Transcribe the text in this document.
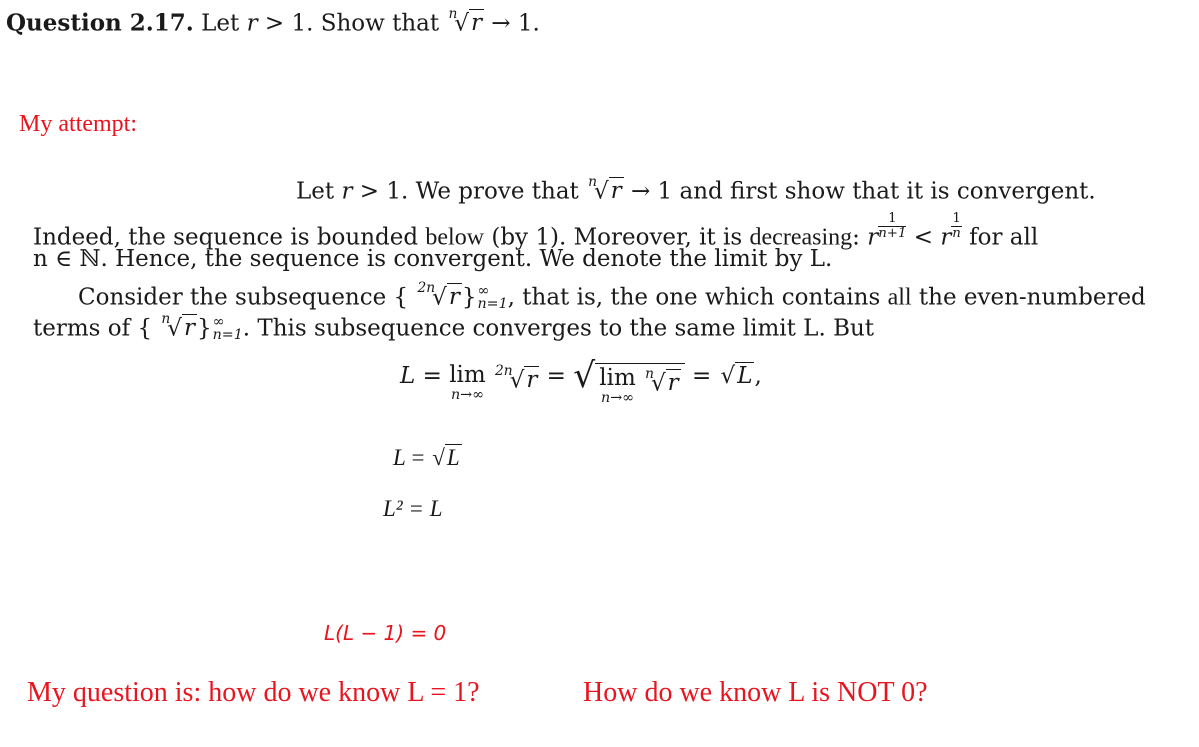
Question 2.17. Let r > 1. Show that $^n$√r → 1.
My attempt:
Let r > 1. We prove that $^n$√r → 1 and first show that it is convergent.
Indeed, the sequence is bounded below (by 1). Moreover, it is decreasing: r $\frac{1}{n+1} < r \frac{1}{n}$ for all
n ∈ ℕ. Hence, the sequence is convergent. We denote the limit by L.
Consider the subsequence { $^{2n}$√r} ∞
n=1 , that is, the one which contains all the even-numbered
terms of { $^n$√r} ∞
n=1 . This subsequence converges to the same limit L. But
L = lim
n→∞
$^{2n}$√r = √ lim
n→∞
$^n$√r = √L,
L = √L
L² = L
L(L − 1) = 0
My question is: how do we know L = 1?	How do we know L is NOT 0?
